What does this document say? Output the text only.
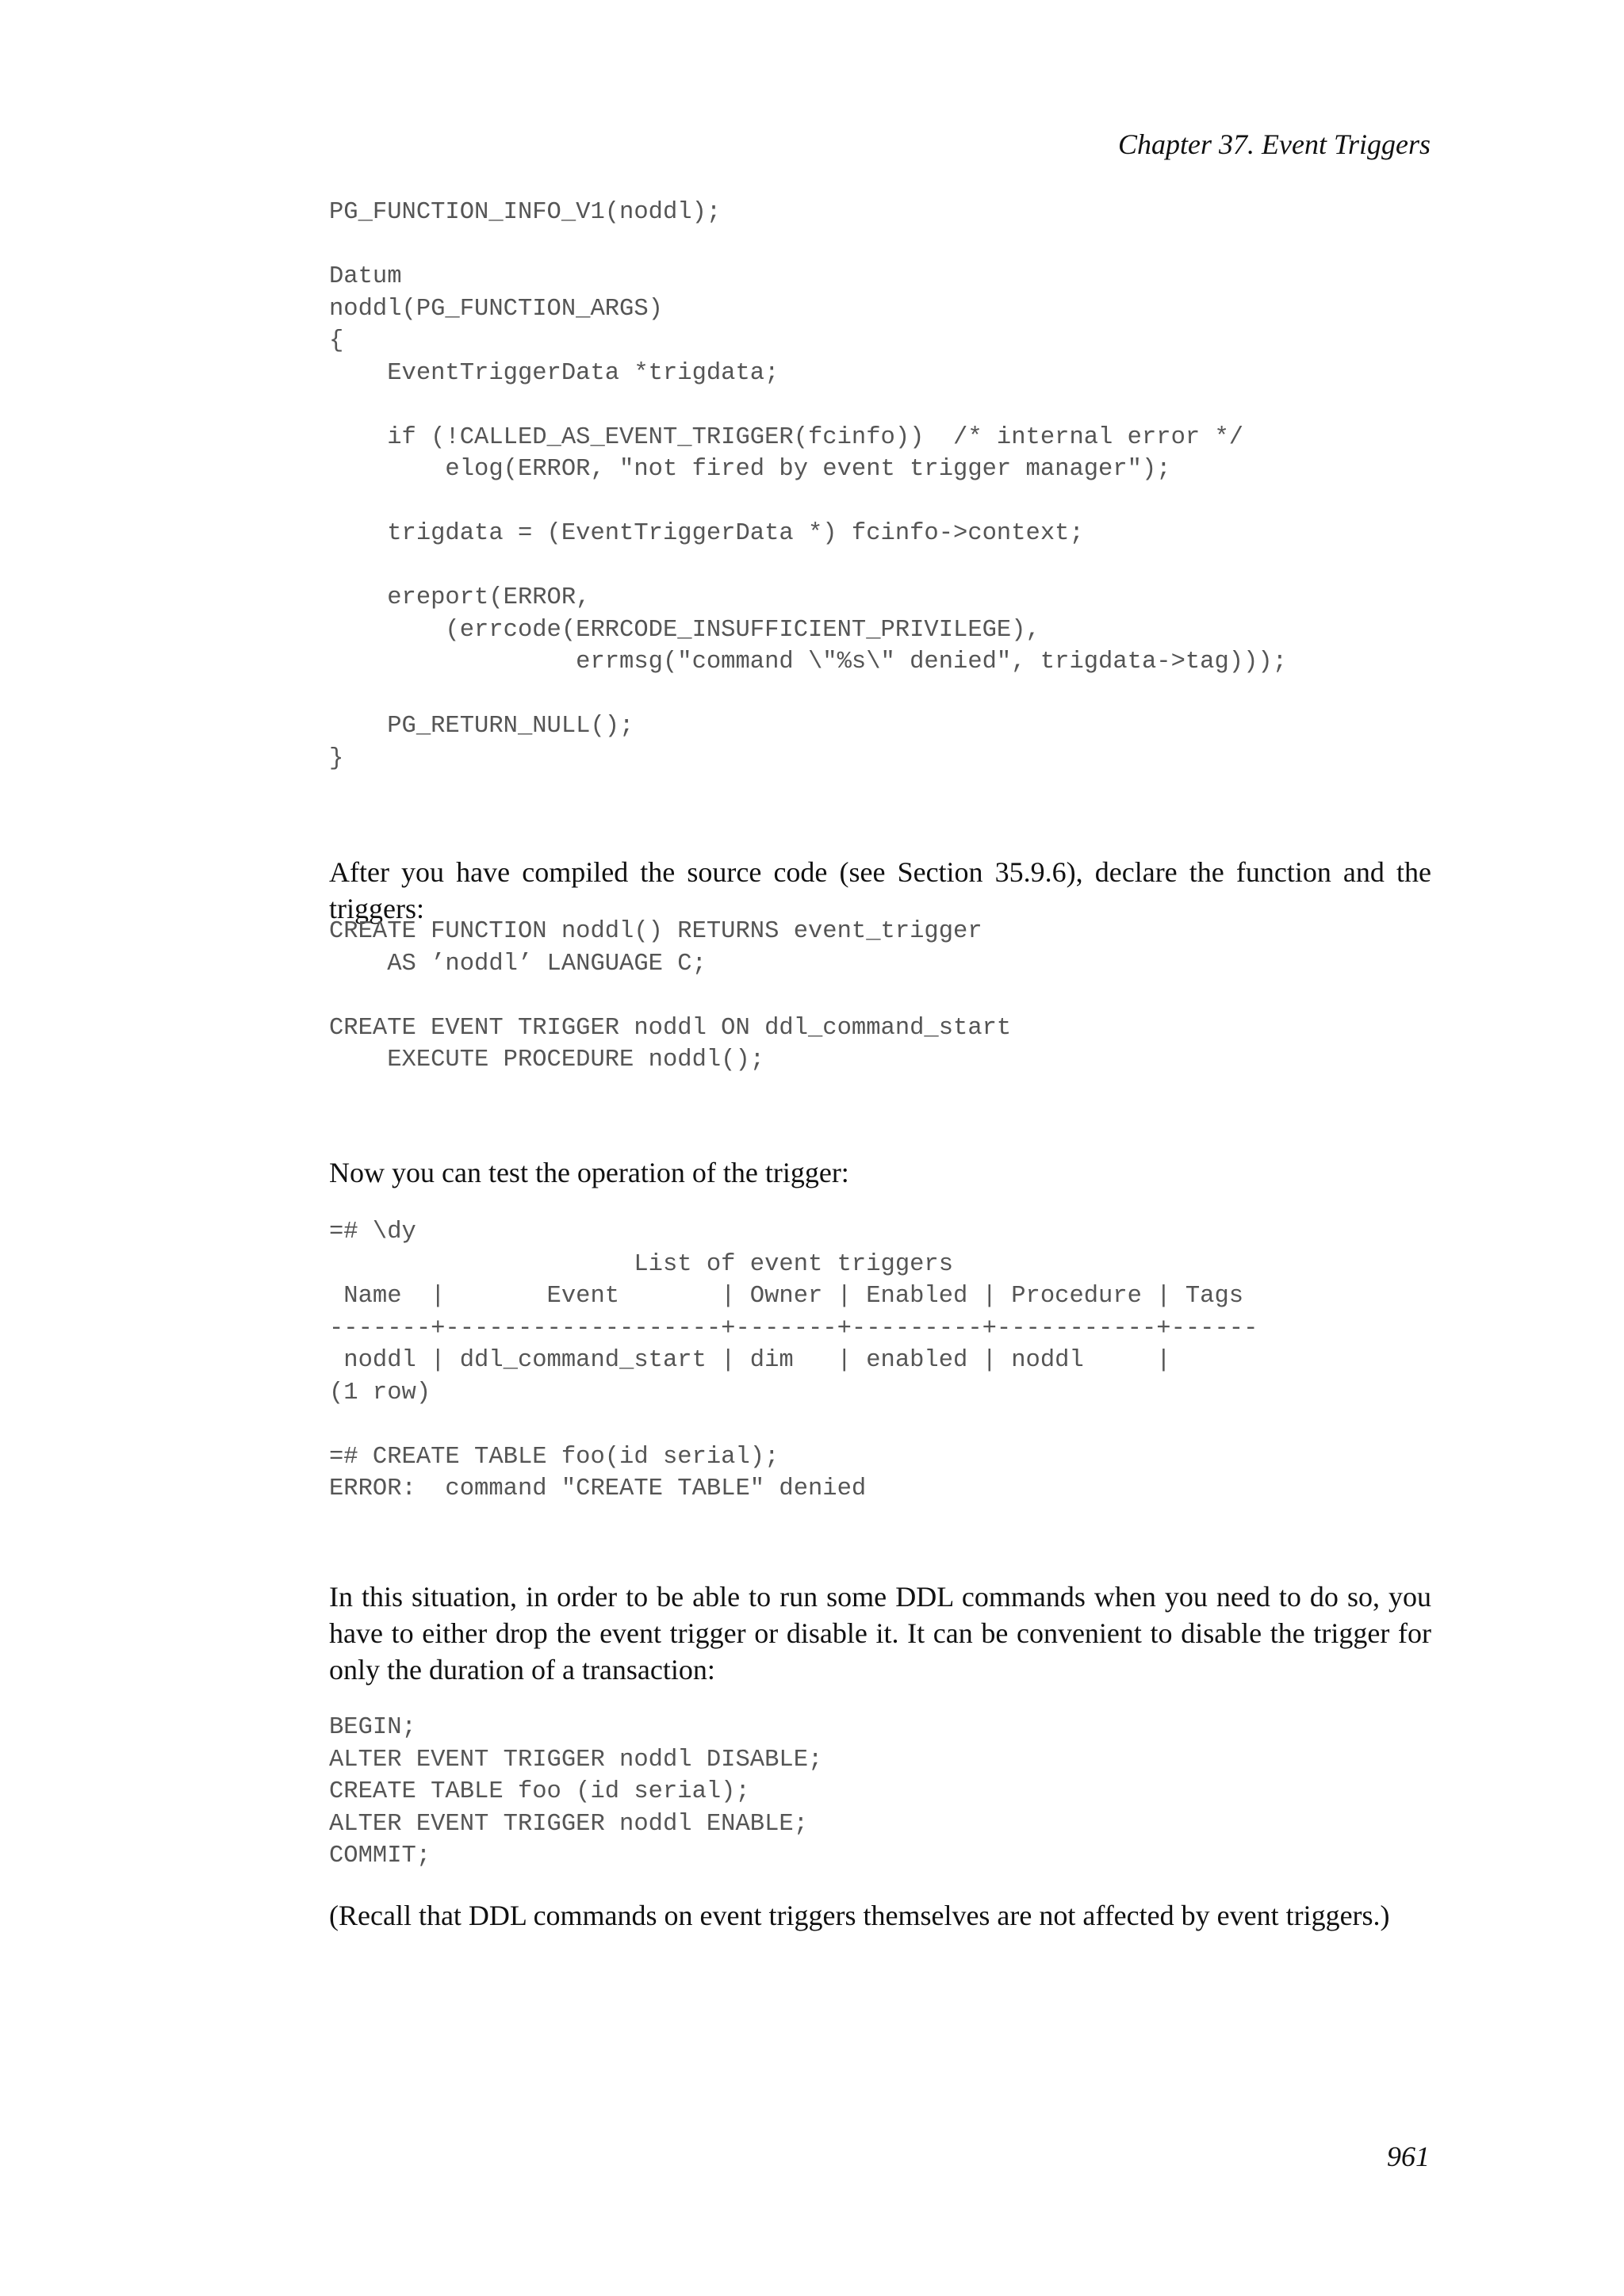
Chapter 37. Event Triggers
PG_FUNCTION_INFO_V1(noddl);

Datum
noddl(PG_FUNCTION_ARGS)
{
EventTriggerData *trigdata;

if (!CALLED_AS_EVENT_TRIGGER(fcinfo))  /* internal error */
elog(ERROR, "not fired by event trigger manager");

trigdata = (EventTriggerData *) fcinfo->context;

ereport(ERROR,
(errcode(ERRCODE_INSUFFICIENT_PRIVILEGE),
errmsg("command \"%s\" denied", trigdata->tag)));

PG_RETURN_NULL();
}

After you have compiled the source code (see Section 35.9.6), declare the function and the triggers:

CREATE FUNCTION noddl() RETURNS event_trigger
AS ’noddl’ LANGUAGE C;

CREATE EVENT TRIGGER noddl ON ddl_command_start
EXECUTE PROCEDURE noddl();

Now you can test the operation of the trigger:

=# \dy
List of event triggers
Name  |       Event       | Owner | Enabled | Procedure | Tags
-------+-------------------+-------+---------+-----------+------
noddl | ddl_command_start | dim   | enabled | noddl     |
(1 row)

=# CREATE TABLE foo(id serial);
ERROR:  command "CREATE TABLE" denied

In this situation, in order to be able to run some DDL commands when you need to do so, you have to either drop the event trigger or disable it. It can be convenient to disable the trigger for only the duration of a transaction:

BEGIN;
ALTER EVENT TRIGGER noddl DISABLE;
CREATE TABLE foo (id serial);
ALTER EVENT TRIGGER noddl ENABLE;
COMMIT;

(Recall that DDL commands on event triggers themselves are not affected by event triggers.)

961
